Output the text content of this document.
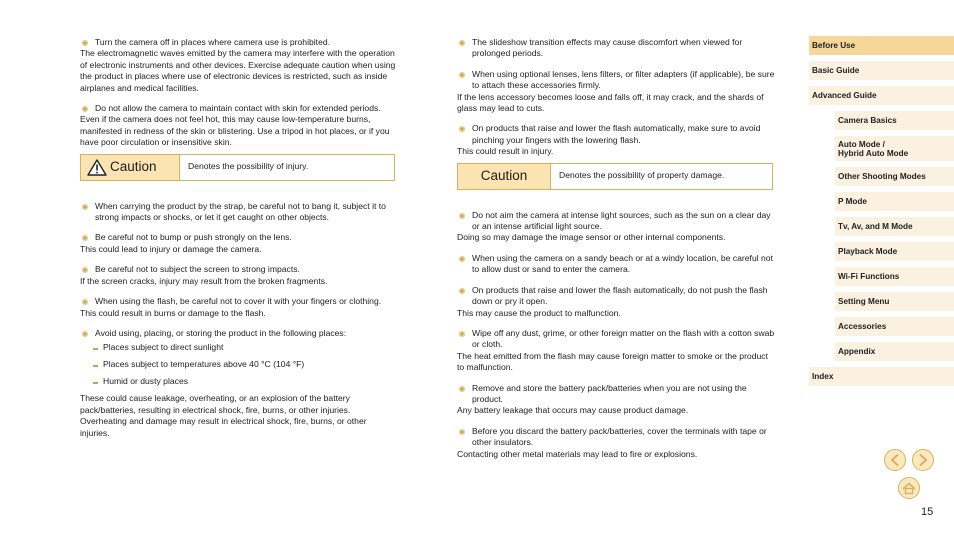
Turn the camera off in places where camera use is prohibited.
The electromagnetic waves emitted by the camera may interfere with the operation of electronic instruments and other devices. Exercise adequate caution when using the product in places where use of electronic devices is restricted, such as inside airplanes and medical facilities.
Do not allow the camera to maintain contact with skin for extended periods.
Even if the camera does not feel hot, this may cause low-temperature burns, manifested in redness of the skin or blistering. Use a tripod in hot places, or if you have poor circulation or insensitive skin.
Caution	Denotes the possibility of injury.
When carrying the product by the strap, be careful not to bang it, subject it to strong impacts or shocks, or let it get caught on other objects.
Be careful not to bump or push strongly on the lens.
This could lead to injury or damage the camera.
Be careful not to subject the screen to strong impacts.
If the screen cracks, injury may result from the broken fragments.
When using the flash, be careful not to cover it with your fingers or clothing.
This could result in burns or damage to the flash.
Avoid using, placing, or storing the product in the following places:
Places subject to direct sunlight
Places subject to temperatures above 40 °C (104 °F)
Humid or dusty places
These could cause leakage, overheating, or an explosion of the battery pack/batteries, resulting in electrical shock, fire, burns, or other injuries. Overheating and damage may result in electrical shock, fire, burns, or other injuries.
The slideshow transition effects may cause discomfort when viewed for prolonged periods.
When using optional lenses, lens filters, or filter adapters (if applicable), be sure to attach these accessories firmly.
If the lens accessory becomes loose and falls off, it may crack, and the shards of glass may lead to cuts.
On products that raise and lower the flash automatically, make sure to avoid pinching your fingers with the lowering flash.
This could result in injury.
Caution	Denotes the possibility of property damage.
Do not aim the camera at intense light sources, such as the sun on a clear day or an intense artificial light source.
Doing so may damage the image sensor or other internal components.
When using the camera on a sandy beach or at a windy location, be careful not to allow dust or sand to enter the camera.
On products that raise and lower the flash automatically, do not push the flash down or pry it open.
This may cause the product to malfunction.
Wipe off any dust, grime, or other foreign matter on the flash with a cotton swab or cloth.
The heat emitted from the flash may cause foreign matter to smoke or the product to malfunction.
Remove and store the battery pack/batteries when you are not using the product.
Any battery leakage that occurs may cause product damage.
Before you discard the battery pack/batteries, cover the terminals with tape or other insulators.
Contacting other metal materials may lead to fire or explosions.
Before Use
Basic Guide
Advanced Guide
Camera Basics
Auto Mode /
Hybrid Auto Mode
Other Shooting Modes
P Mode
Tv, Av, and M Mode
Playback Mode
Wi-Fi Functions
Setting Menu
Accessories
Appendix
Index
15
